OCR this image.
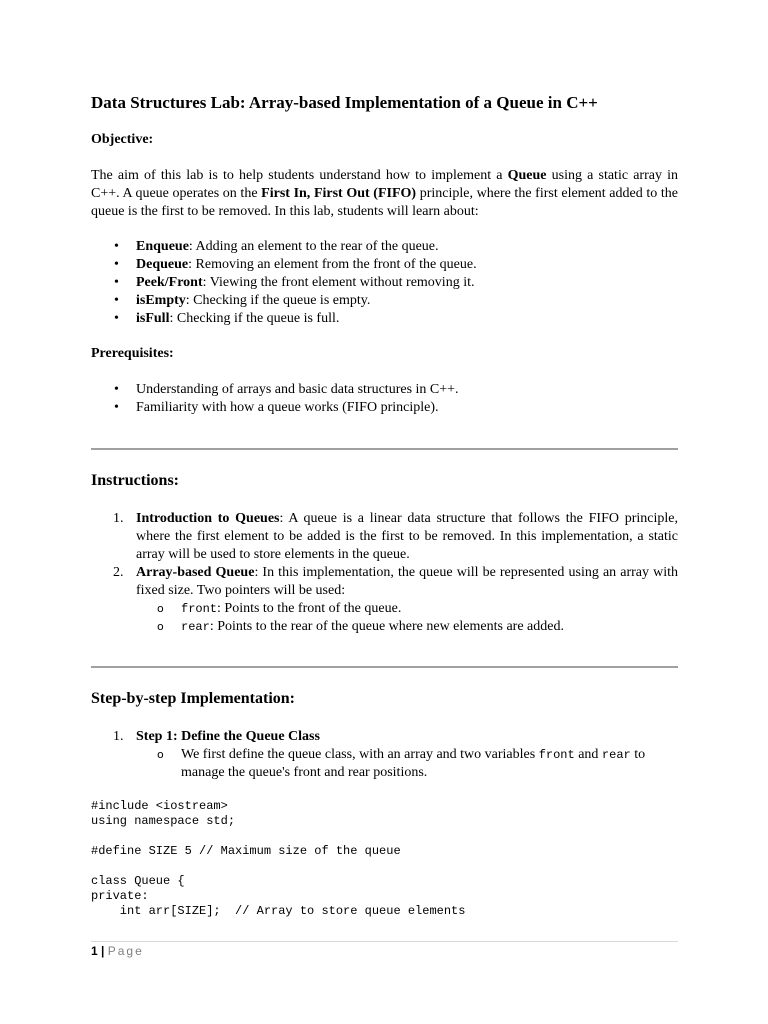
Data Structures Lab: Array-based Implementation of a Queue in C++
Objective:
The aim of this lab is to help students understand how to implement a Queue using a static array in C++. A queue operates on the First In, First Out (FIFO) principle, where the first element added to the queue is the first to be removed. In this lab, students will learn about:
• Enqueue: Adding an element to the rear of the queue.
• Dequeue: Removing an element from the front of the queue.
• Peek/Front: Viewing the front element without removing it.
• isEmpty: Checking if the queue is empty.
• isFull: Checking if the queue is full.
Prerequisites:
• Understanding of arrays and basic data structures in C++.
• Familiarity with how a queue works (FIFO principle).
Instructions:
1. Introduction to Queues: A queue is a linear data structure that follows the FIFO principle, where the first element to be added is the first to be removed. In this implementation, a static array will be used to store elements in the queue.
2. Array-based Queue: In this implementation, the queue will be represented using an array with fixed size. Two pointers will be used:
o front: Points to the front of the queue.
o rear: Points to the rear of the queue where new elements are added.
Step-by-step Implementation:
1. Step 1: Define the Queue Class
o We first define the queue class, with an array and two variables front and rear to manage the queue's front and rear positions.
#include <iostream>
using namespace std;
#define SIZE 5 // Maximum size of the queue
class Queue {
private:
int arr[SIZE];  // Array to store queue elements
1 | Page
